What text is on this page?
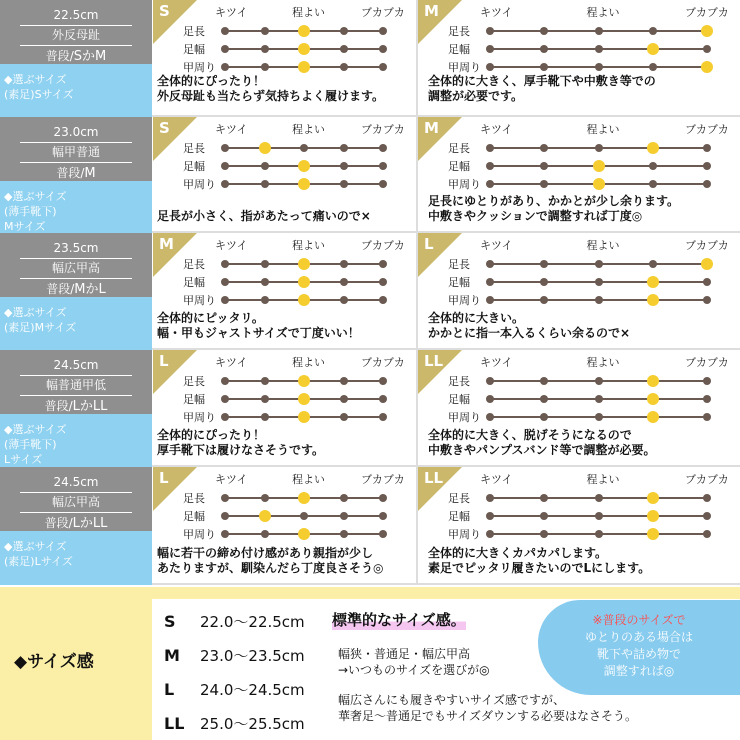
22.5cm
外反母趾
普段/SかM
◆選ぶサイズ
(素足)Sサイズ
S	キツイ	程よい	ブカブカ
足長
足幅
甲周り
全体的にぴったり！
外反母趾も当たらず気持ちよく履けます。
M	キツイ	程よい	ブカブカ
足長
足幅
甲周り
全体的に大きく、厚手靴下や中敷き等での
調整が必要です。
23.0cm
幅甲普通
普段/M
◆選ぶサイズ
(薄手靴下)
Mサイズ
S	キツイ	程よい	ブカブカ
足長
足幅
甲周り
足長が小さく、指があたって痛いので×
M	キツイ	程よい	ブカブカ
足長
足幅
甲周り
足長にゆとりがあり、かかとが少し余ります。
中敷きやクッションで調整すれば丁度◎
23.5cm
幅広甲高
普段/MかL
◆選ぶサイズ
(素足)Mサイズ
M	キツイ	程よい	ブカブカ
足長
足幅
甲周り
全体的にピッタリ。
幅・甲もジャストサイズで丁度いい！
L	キツイ	程よい	ブカブカ
足長
足幅
甲周り
全体的に大きい。
かかとに指一本入るくらい余るので×
24.5cm
幅普通甲低
普段/LかLL
◆選ぶサイズ
(薄手靴下)
Lサイズ
L	キツイ	程よい	ブカブカ
足長
足幅
甲周り
全体的にぴったり！
厚手靴下は履けなさそうです。
LL	キツイ	程よい	ブカブカ
足長
足幅
甲周り
全体的に大きく、脱げそうになるので
中敷きやパンプスバンド等で調整が必要。
24.5cm
幅広甲高
普段/LかLL
◆選ぶサイズ
(素足)Lサイズ
L	キツイ	程よい	ブカブカ
足長
足幅
甲周り
幅に若干の締め付け感があり親指が少し
あたりますが、馴染んだら丁度良さそう◎
LL	キツイ	程よい	ブカブカ
足長
足幅
甲周り
全体的に大きくカパカパします。
素足でピッタリ履きたいのでLにします。
◆サイズ感
S 22.0～22.5cm
M 23.0～23.5cm
L 24.0～24.5cm
LL 25.0～25.5cm
標準的なサイズ感。
幅狭・普通足・幅広甲高
→いつものサイズを選びが◎
幅広さんにも履きやすいサイズ感ですが、
華奢足～普通足でもサイズダウンする必要はなさそう。
※普段のサイズで
ゆとりのある場合は
靴下や詰め物で
調整すれば◎
